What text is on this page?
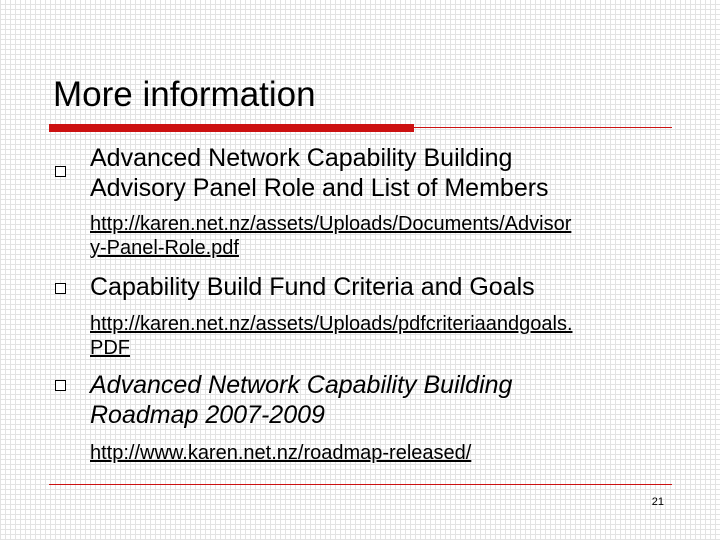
More information
Advanced Network Capability Building
Advisory Panel Role and List of Members
http://karen.net.nz/assets/Uploads/Documents/Advisor
y-Panel-Role.pdf
Capability Build Fund Criteria and Goals
http://karen.net.nz/assets/Uploads/pdfcriteriaandgoals.
PDF
Advanced Network Capability Building
Roadmap 2007-2009
http://www.karen.net.nz/roadmap-released/
21
